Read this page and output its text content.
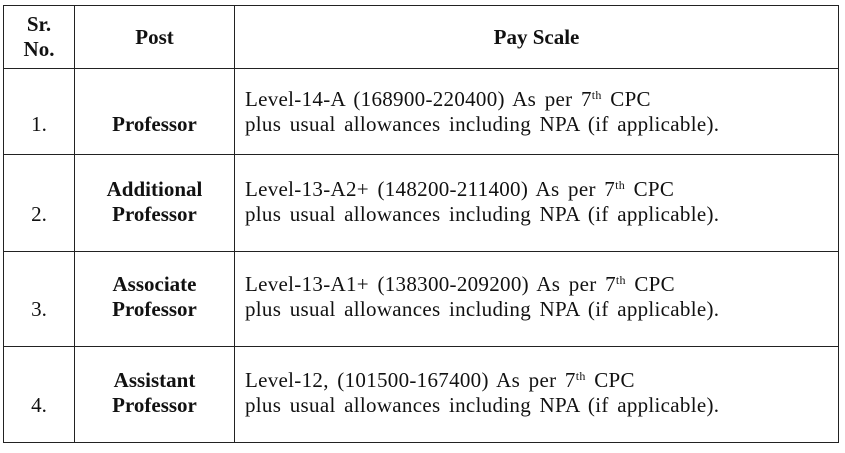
Sr. No.	Post	Pay Scale
1.	Professor	Level-14-A (168900-220400) As per 7th CPC
plus usual allowances including NPA (if applicable).
2.	Additional Professor	Level-13-A2+ (148200-211400) As per 7th CPC
plus usual allowances including NPA (if applicable).
3.	Associate Professor	Level-13-A1+ (138300-209200) As per 7th CPC
plus usual allowances including NPA (if applicable).
4.	Assistant Professor	Level-12, (101500-167400) As per 7th CPC
plus usual allowances including NPA (if applicable).
